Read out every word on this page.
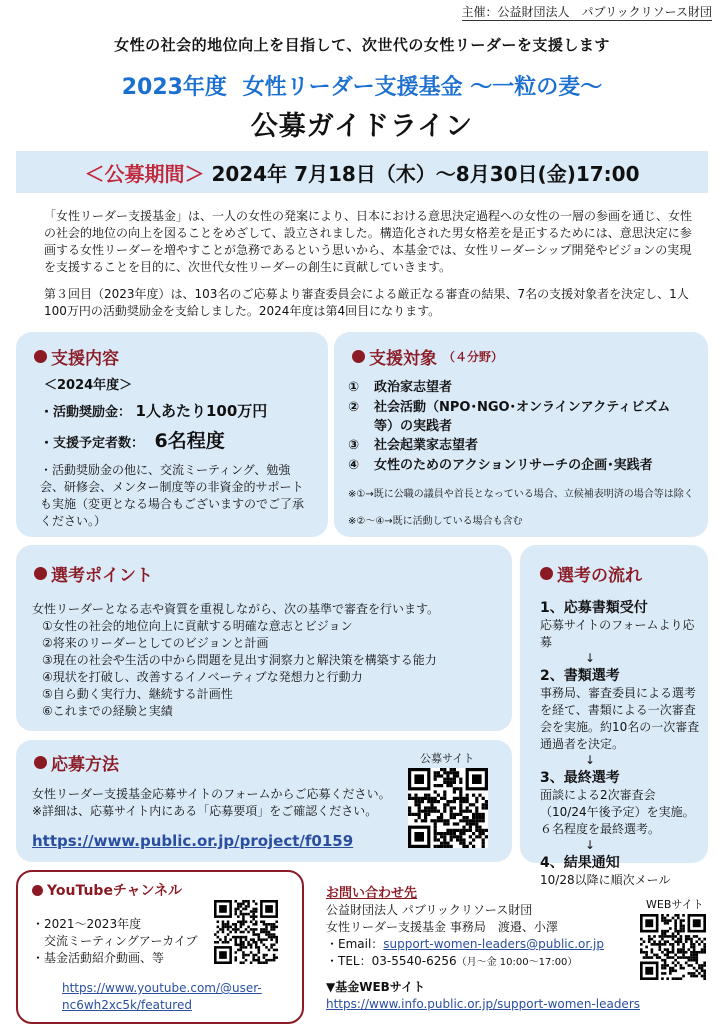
主催：公益財団法人　パブリックリソース財団
女性の社会的地位向上を目指して、次世代の女性リーダーを支援します
2023年度 女性リーダー支援基金 〜一粒の麦〜
公募ガイドライン
＜公募期間＞ 2024年 7月18日（木）〜8月30日(金)17:00
「女性リーダー支援基金」は、一人の女性の発案により、日本における意思決定過程への女性の一層の参画を通じ、女性の社会的地位の向上を図ることをめざして、設立されました。構造化された男女格差を是正するためには、意思決定に参画する女性リーダーを増やすことが急務であるという思いから、本基金では、女性リーダーシップ開発やビジョンの実現を支援することを目的に、次世代女性リーダーの創生に貢献していきます。
第３回目（2023年度）は、103名のご応募より審査委員会による厳正なる審査の結果、7名の支援対象者を決定し、1人100万円の活動奨励金を支給しました。2024年度は第4回目になります。
支援内容
＜2024年度＞
・活動奨励金： 1人あたり100万円
・支援予定者数： 6名程度
・活動奨励金の他に、交流ミーティング、勉強会、研修会、メンター制度等の非資金的サポートも実施（変更となる場合もございますのでご了承ください。）
支援対象 （４分野）
①	政治家志望者
②	社会活動（NPO･NGO･オンラインアクティビズム等）の実践者
③	社会起業家志望者
④	女性のためのアクションリサーチの企画･実践者
※①→既に公職の議員や首長となっている場合、立候補表明済の場合等は除く
※②〜④→既に活動している場合も含む
選考ポイント
女性リーダーとなる志や資質を重視しながら、次の基準で審査を行います。
①女性の社会的地位向上に貢献する明確な意志とビジョン
②将来のリーダーとしてのビジョンと計画
③現在の社会や生活の中から問題を見出す洞察力と解決策を構築する能力
④現状を打破し、改善するイノベーティブな発想力と行動力
⑤自ら動く実行力、継続する計画性
⑥これまでの経験と実績
選考の流れ
1、応募書類受付
応募サイトのフォームより応募
↓
2、書類選考
事務局、審査委員による選考を経て、書類による一次審査会を実施。約10名の一次審査通過者を決定。
↓
3、最終選考
面談による2次審査会（10/24午後予定）を実施。６名程度を最終選考。
↓
4、結果通知
10/28以降に順次メール
応募方法
女性リーダー支援基金応募サイトのフォームからご応募ください。
※詳細は、応募サイト内にある「応募要項」をご確認ください。
https://www.public.or.jp/project/f0159
公募サイト
YouTubeチャンネル
・2021〜2023年度
　交流ミーティングアーカイブ
・基金活動紹介動画、等
https://www.youtube.com/@user-
nc6wh2xc5k/featured
お問い合わせ先
公益財団法人 パブリックリソース財団
女性リーダー支援基金 事務局　渡邉、小澤
・Email：support-women-leaders@public.or.jp
・TEL：03-5540-6256（月〜金 10:00〜17:00）
▼基金WEBサイト
https://www.info.public.or.jp/support-women-leaders
WEBサイト
